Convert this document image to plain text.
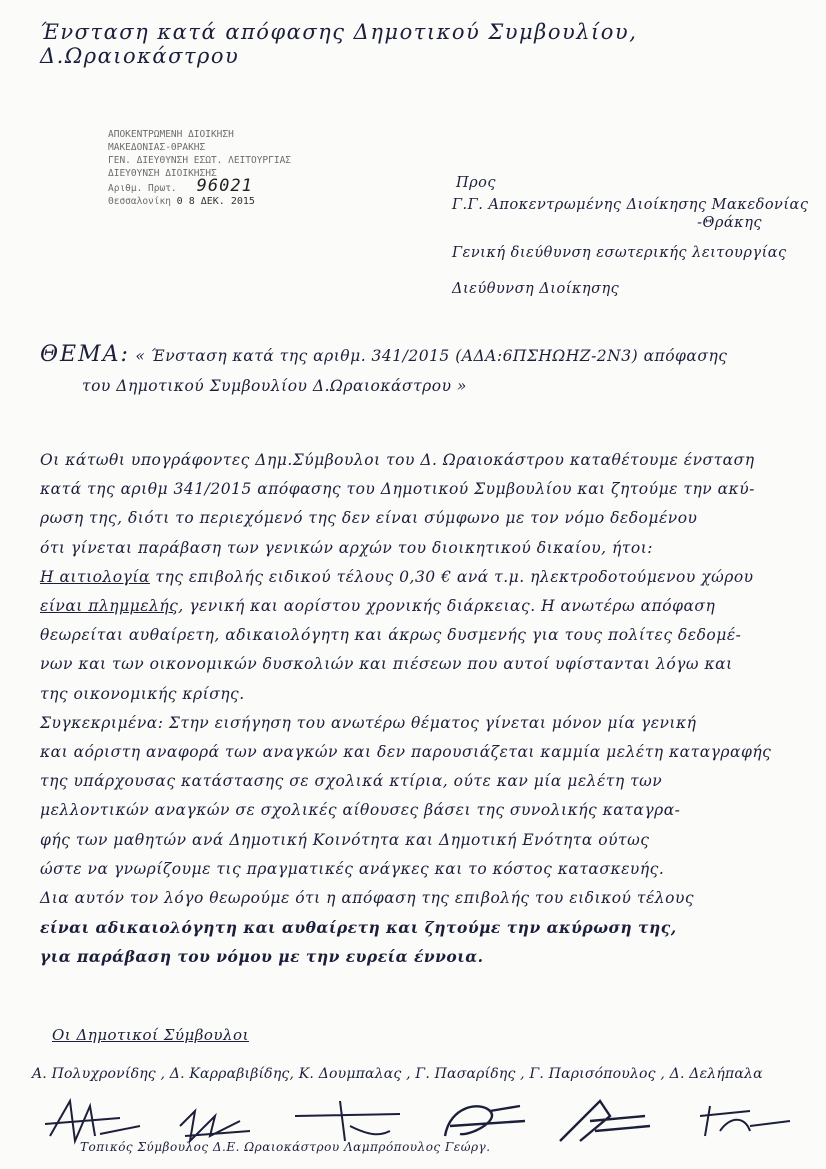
Ένσταση κατά απόφασης Δημοτικού Συμβουλίου, Δ.Ωραιοκάστρου
ΑΠΟΚΕΝΤΡΩΜΕΝΗ ΔΙΟΙΚΗΣΗ
ΜΑΚΕΔΟΝΙΑΣ-ΘΡΑΚΗΣ
ΓΕΝ. ΔΙΕΥΘΥΝΣΗ ΕΣΩΤ. ΛΕΙΤΟΥΡΓΙΑΣ
ΔΙΕΥΘΥΝΣΗ ΔΙΟΙΚΗΣΗΣ
Αριθμ. Πρωτ. 96021
Θεσσαλονίκη 0 8 ΔΕΚ. 2015
Προς
Γ.Γ. Αποκεντρωμένης Διοίκησης Μακεδονίας
-Θράκης
Γενική διεύθυνση εσωτερικής λειτουργίας
Διεύθυνση Διοίκησης
ΘΕΜΑ: « Ένσταση κατά της αριθμ. 341/2015 (ΑΔΑ:6ΠΣΗΩΗΖ-2Ν3) απόφασης
του Δημοτικού Συμβουλίου Δ.Ωραιοκάστρου »
Οι κάτωθι υπογράφοντες Δημ.Σύμβουλοι του Δ. Ωραιοκάστρου καταθέτουμε ένσταση
κατά της αριθμ 341/2015 απόφασης του Δημοτικού Συμβουλίου και ζητούμε την ακύ-
ρωση της, διότι το περιεχόμενό της δεν είναι σύμφωνο με τον νόμο δεδομένου
ότι γίνεται παράβαση των γενικών αρχών του διοικητικού δικαίου, ήτοι:
Η αιτιολογία της επιβολής ειδικού τέλους 0,30 € ανά τ.μ. ηλεκτροδοτούμενου χώρου
είναι πλημμελής, γενική και αορίστου χρονικής διάρκειας. Η ανωτέρω απόφαση
θεωρείται αυθαίρετη, αδικαιολόγητη και άκρως δυσμενής για τους πολίτες δεδομέ-
νων και των οικονομικών δυσκολιών και πιέσεων που αυτοί υφίστανται λόγω και
της οικονομικής κρίσης.
Συγκεκριμένα: Στην εισήγηση του ανωτέρω θέματος γίνεται μόνον μία γενική
και αόριστη αναφορά των αναγκών και δεν παρουσιάζεται καμμία μελέτη καταγραφής
της υπάρχουσας κατάστασης σε σχολικά κτίρια, ούτε καν μία μελέτη των
μελλοντικών αναγκών σε σχολικές αίθουσες βάσει της συνολικής καταγρα-
φής των μαθητών ανά Δημοτική Κοινότητα και Δημοτική Ενότητα ούτως
ώστε να γνωρίζουμε τις πραγματικές ανάγκες και το κόστος κατασκευής.
Δια αυτόν τον λόγο θεωρούμε ότι η απόφαση της επιβολής του ειδικού τέλους
είναι αδικαιολόγητη και αυθαίρετη και ζητούμε την ακύρωση της,
για παράβαση του νόμου με την ευρεία έννοια.
Οι Δημοτικοί Σύμβουλοι
Α. Πολυχρονίδης , Δ. Καρραβιβίδης, Κ. Δουμπαλας , Γ. Πασαρίδης , Γ. Παρισόπουλος , Δ. Δελήπαλα
Τοπικός Σύμβουλος Δ.Ε. Ωραιοκάστρου Λαμπρόπουλος Γεώργ.
